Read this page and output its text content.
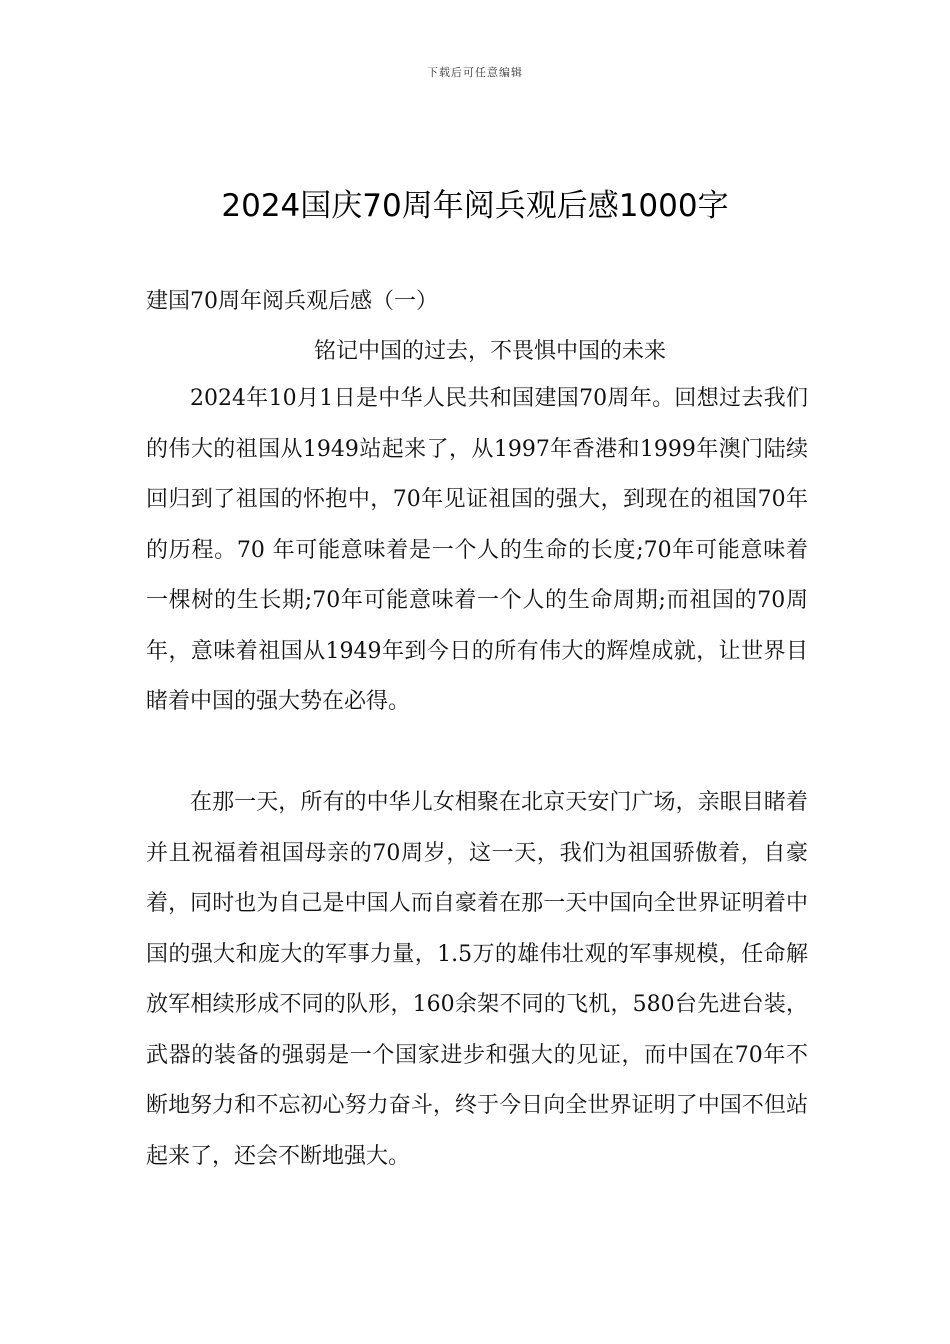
下载后可任意编辑
2024国庆70周年阅兵观后感1000字
建国70周年阅兵观后感（一）

铭记中国的过去，不畏惧中国的未来

2024年10月1日是中华人民共和国建国70周年。回想过去我们的伟大的祖国从1949站起来了，从1997年香港和1999年澳门陆续回归到了祖国的怀抱中，70年见证祖国的强大，到现在的祖国70年的历程。70 年可能意味着是一个人的生命的长度;70年可能意味着一棵树的生长期;70年可能意味着一个人的生命周期;而祖国的70周年，意味着祖国从1949年到今日的所有伟大的辉煌成就，让世界目睹着中国的强大势在必得。

在那一天，所有的中华儿女相聚在北京天安门广场，亲眼目睹着并且祝福着祖国母亲的70周岁，这一天，我们为祖国骄傲着，自豪着，同时也为自己是中国人而自豪着在那一天中国向全世界证明着中国的强大和庞大的军事力量，1.5万的雄伟壮观的军事规模，任命解放军相续形成不同的队形，160余架不同的飞机，580台先进台装，武器的装备的强弱是一个国家进步和强大的见证，而中国在70年不断地努力和不忘初心努力奋斗，终于今日向全世界证明了中国不但站起来了，还会不断地强大。
